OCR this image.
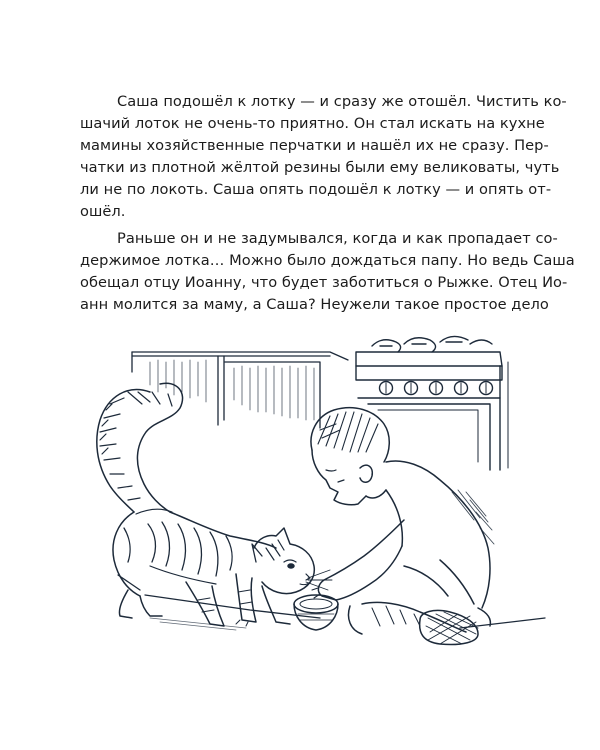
Саша подошёл к лотку — и сразу же отошёл. Чистить ко-
шачий лоток не очень-то приятно. Он стал искать на кухне
мамины хозяйственные перчатки и нашёл их не сразу. Пер-
чатки из плотной жёлтой резины были ему великоваты, чуть
ли не по локоть. Саша опять подошёл к лотку — и опять от-
ошёл.
Раньше он и не задумывался, когда и как пропадает со-
держимое лотка… Можно было дождаться папу. Но ведь Саша
обещал отцу Иоанну, что будет заботиться о Рыжке. Отец Ио-
анн молится за маму, а Саша? Неужели такое простое дело
